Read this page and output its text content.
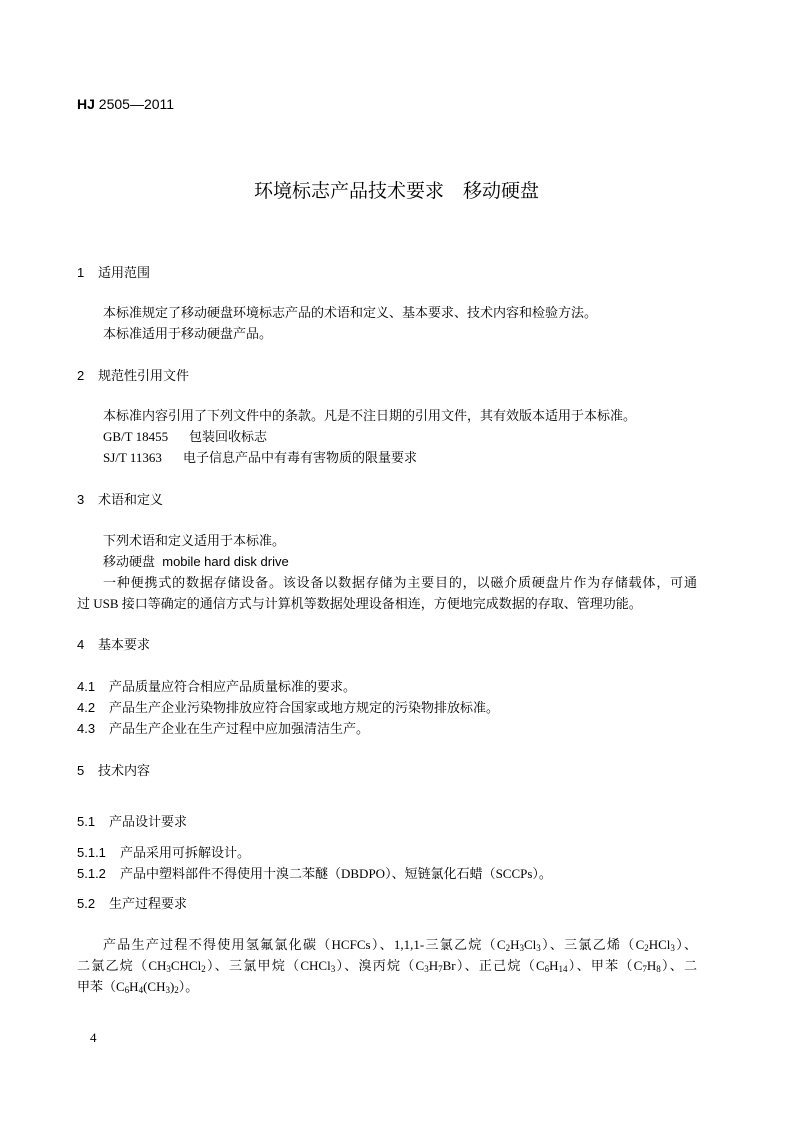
HJ 2505—2011
环境标志产品技术要求　移动硬盘
1 适用范围
本标准规定了移动硬盘环境标志产品的术语和定义、基本要求、技术内容和检验方法。
本标准适用于移动硬盘产品。
2 规范性引用文件
本标准内容引用了下列文件中的条款。凡是不注日期的引用文件，其有效版本适用于本标准。
GB/T 18455 包装回收标志
SJ/T 11363 电子信息产品中有毒有害物质的限量要求
3 术语和定义
下列术语和定义适用于本标准。
移动硬盘 mobile hard disk drive
一种便携式的数据存储设备。该设备以数据存储为主要目的，以磁介质硬盘片作为存储载体，可通
过 USB 接口等确定的通信方式与计算机等数据处理设备相连，方便地完成数据的存取、管理功能。
4 基本要求
4.1 产品质量应符合相应产品质量标准的要求。
4.2 产品生产企业污染物排放应符合国家或地方规定的污染物排放标准。
4.3 产品生产企业在生产过程中应加强清洁生产。
5 技术内容
5.1 产品设计要求
5.1.1 产品采用可拆解设计。
5.1.2 产品中塑料部件不得使用十溴二苯醚（DBDPO）、短链氯化石蜡（SCCPs）。
5.2 生产过程要求
产品生产过程不得使用氢氟氯化碳（HCFCs）、1,1,1-三氯乙烷$(C_2H_3Cl_3)$、三氯乙烯$(C_2HCl_3)$、
二氯乙烷$(CH_3CHCl_2)$、三氯甲烷（CHCl$_3$）、溴丙烷$(C_3H_7Br)$、正己烷$(C_6H_{14})$、甲苯$(C_7H_8)$、二
甲苯$(C_6H_4(CH_3)_2)$。
4
